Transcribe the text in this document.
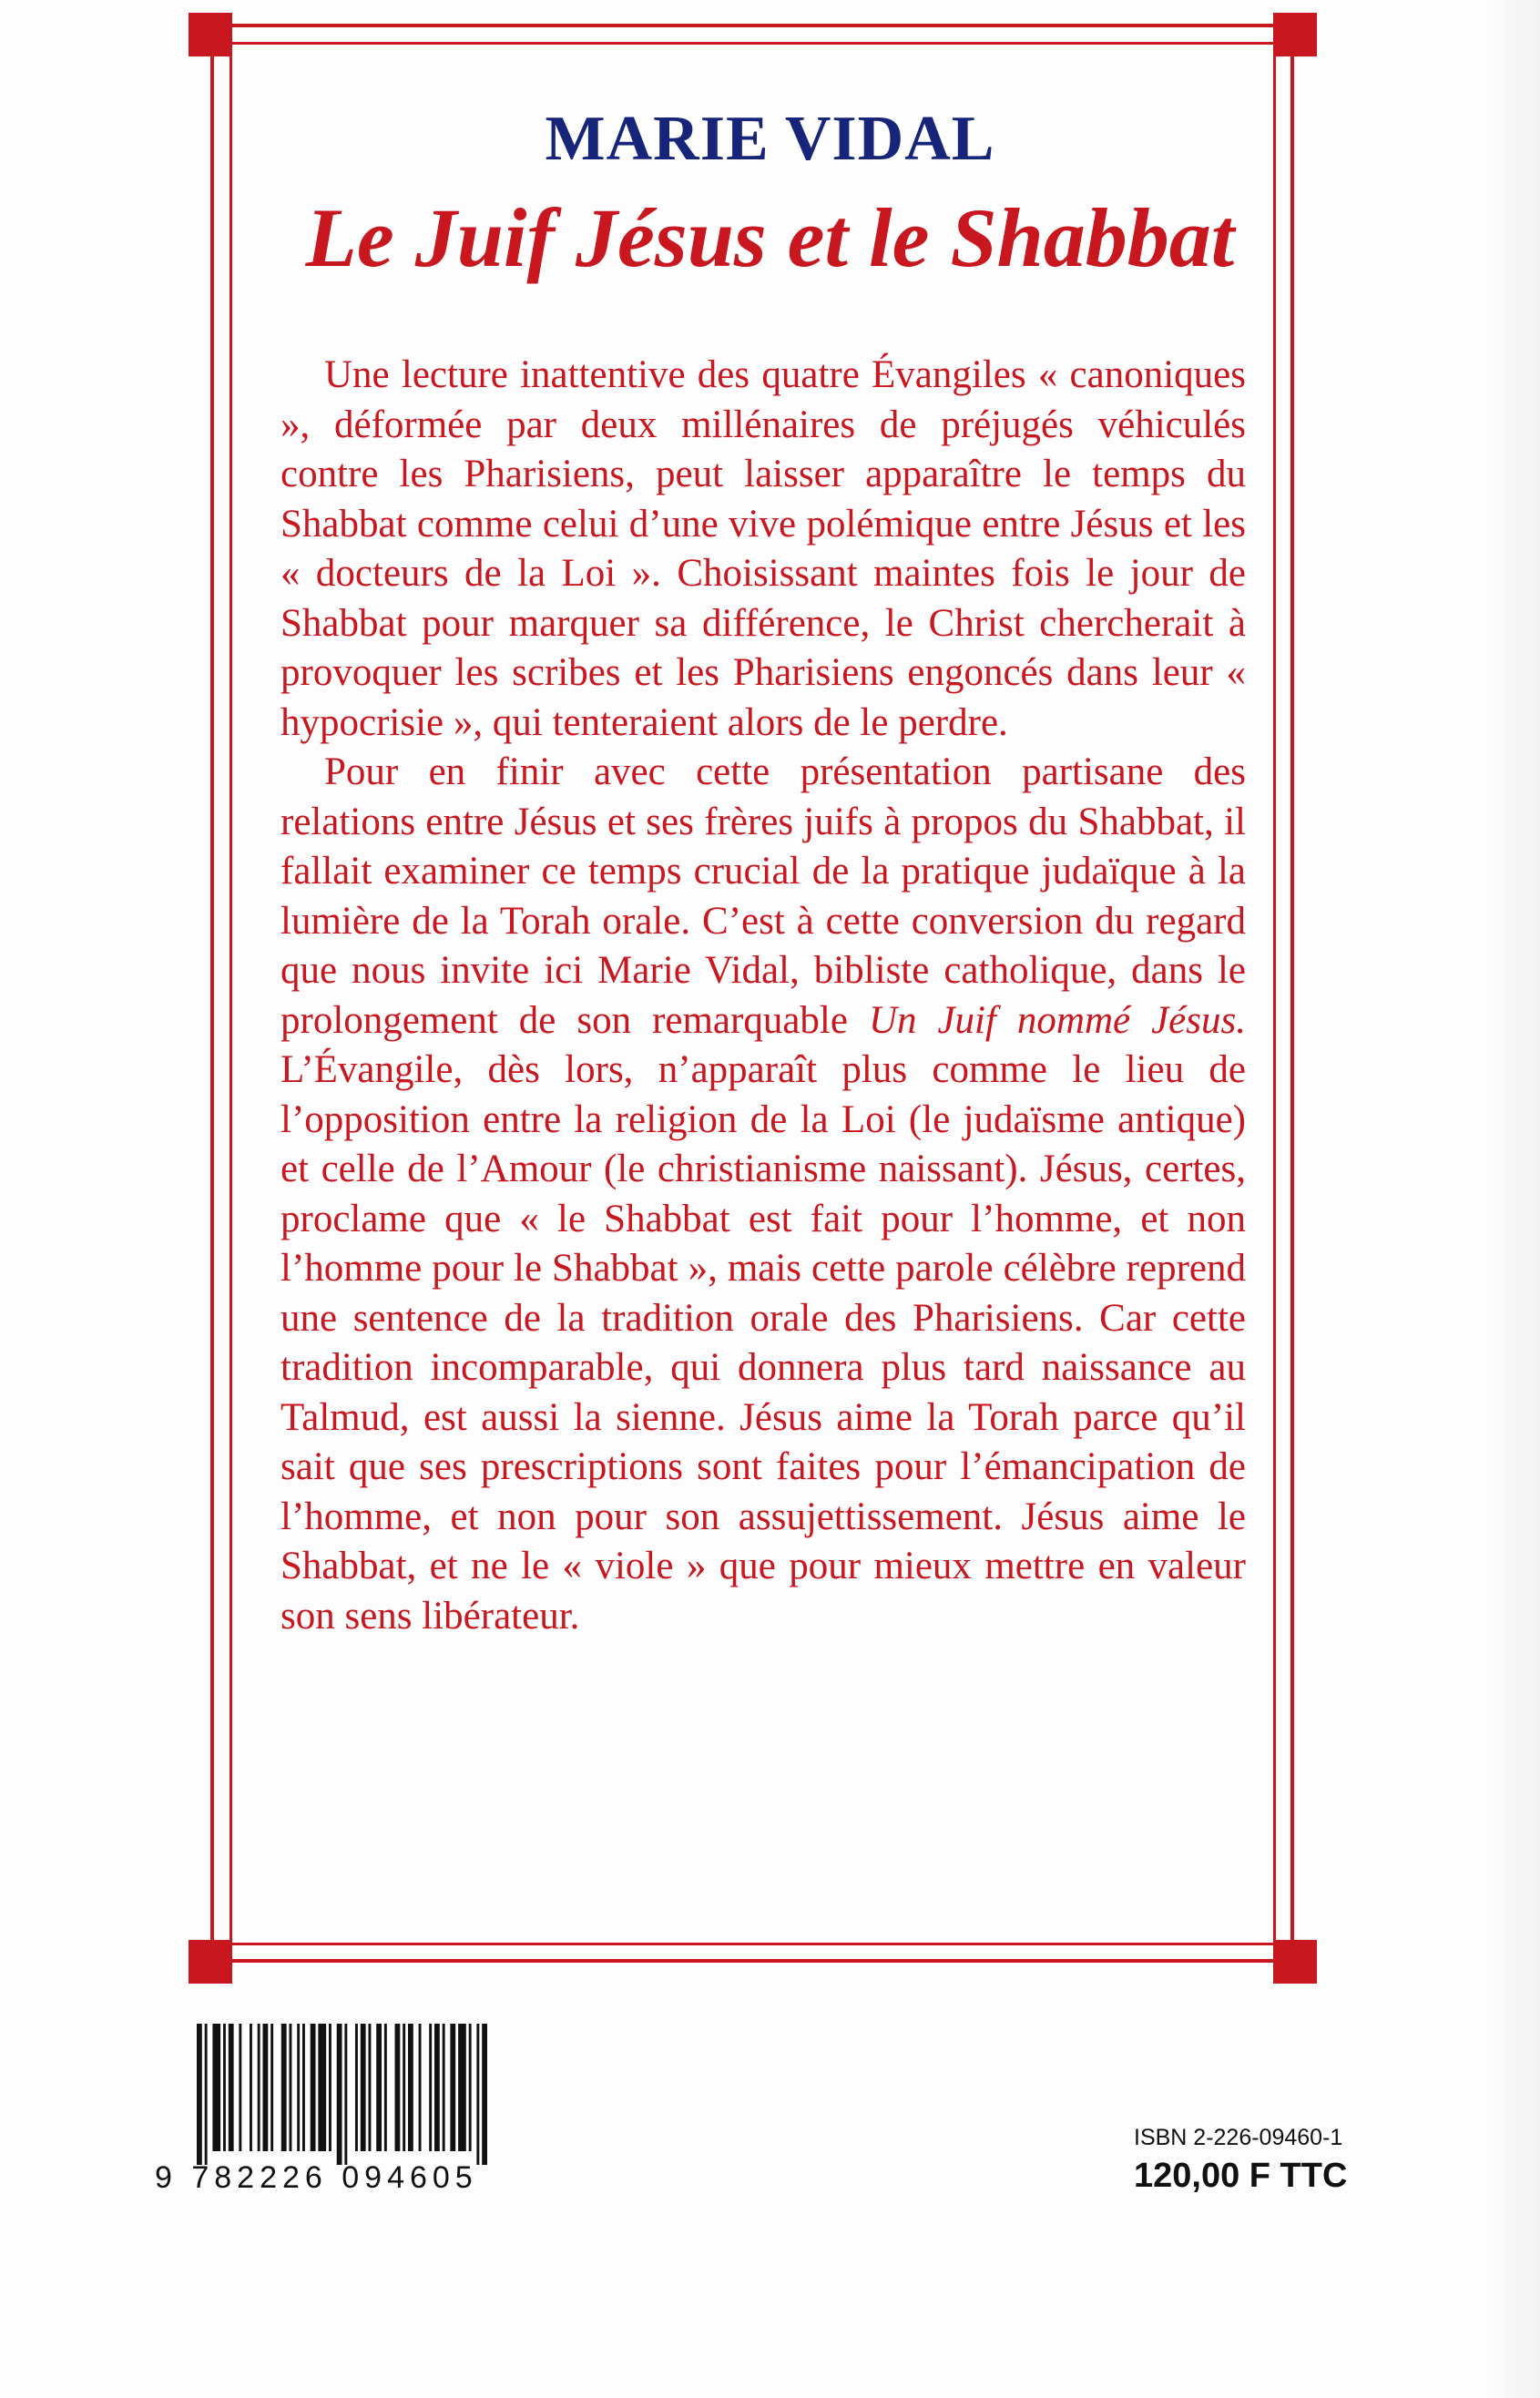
MARIE VIDAL
Le Juif Jésus et le Shabbat

Une lecture inattentive des quatre Évangiles « canoniques », déformée par deux millénaires de préjugés véhiculés contre les Pharisiens, peut laisser apparaître le temps du Shabbat comme celui d’une vive polémique entre Jésus et les « docteurs de la Loi ». Choisissant maintes fois le jour de Shabbat pour marquer sa différence, le Christ chercherait à provoquer les scribes et les Pharisiens engoncés dans leur « hypocrisie », qui tenteraient alors de le perdre.

Pour en finir avec cette présentation partisane des relations entre Jésus et ses frères juifs à propos du Shabbat, il fallait examiner ce temps crucial de la pratique judaïque à la lumière de la Torah orale. C’est à cette conversion du regard que nous invite ici Marie Vidal, bibliste catholique, dans le prolongement de son remarquable Un Juif nommé Jésus. L’Évangile, dès lors, n’apparaît plus comme le lieu de l’opposition entre la religion de la Loi (le judaïsme antique) et celle de l’Amour (le christianisme naissant). Jésus, certes, proclame que « le Shabbat est fait pour l’homme, et non l’homme pour le Shabbat », mais cette parole célèbre reprend une sentence de la tradition orale des Pharisiens. Car cette tradition incomparable, qui donnera plus tard naissance au Talmud, est aussi la sienne. Jésus aime la Torah parce qu’il sait que ses prescriptions sont faites pour l’émancipation de l’homme, et non pour son assujettissement. Jésus aime le Shabbat, et ne le « viole » que pour mieux mettre en valeur son sens libérateur.

9 782226 094605
ISBN 2-226-09460-1
120,00 F TTC
